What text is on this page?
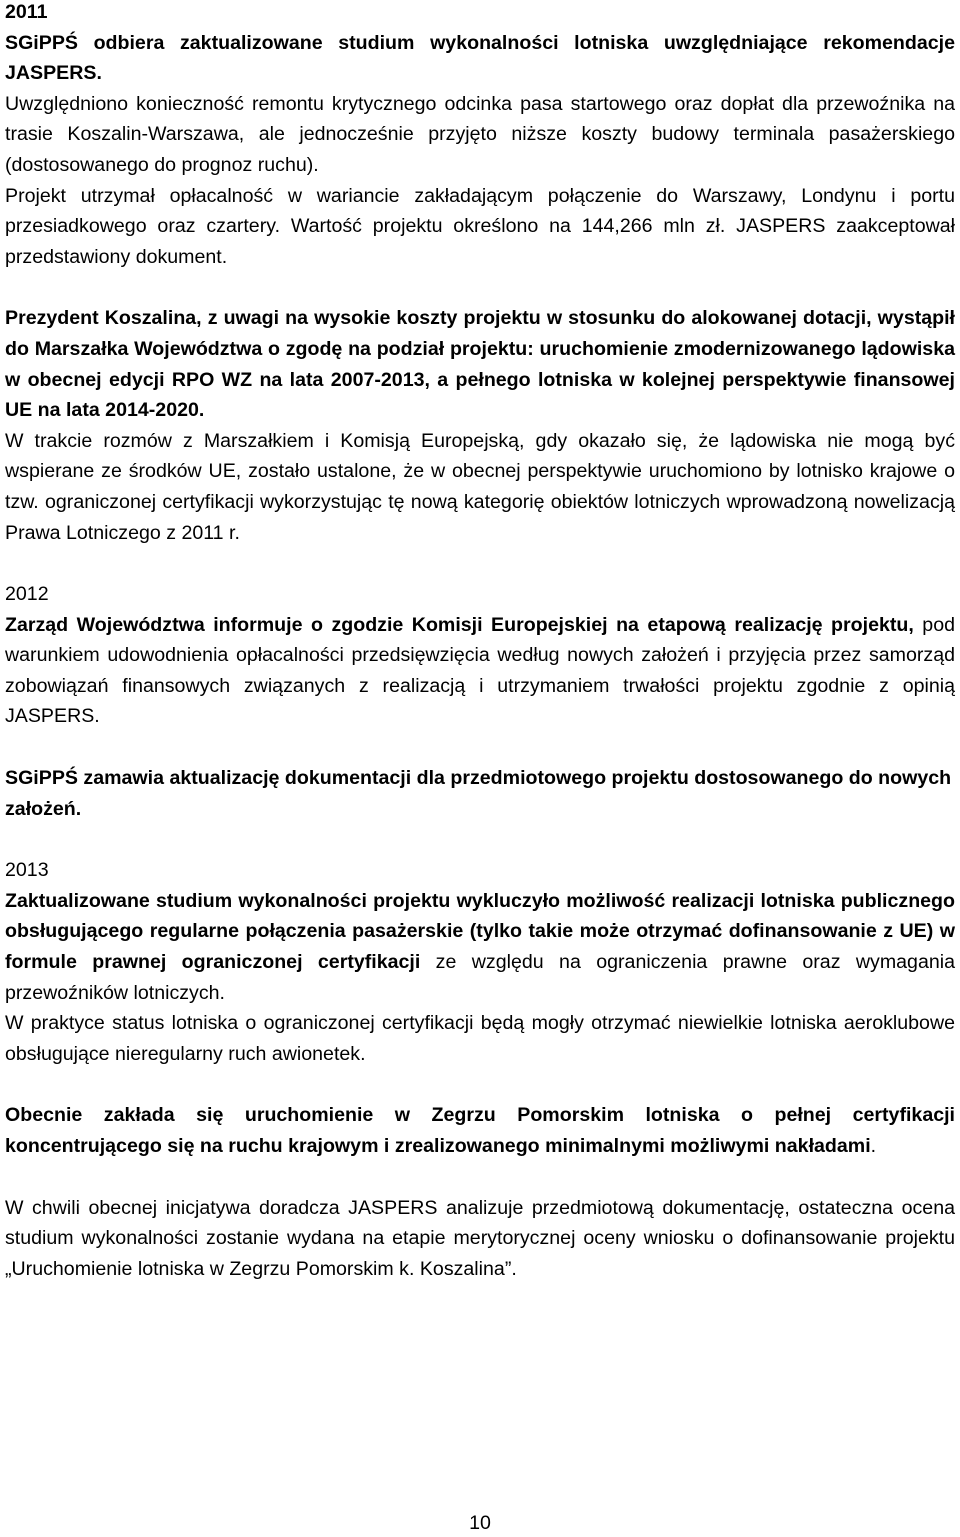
2011

SGiPPŚ odbiera zaktualizowane studium wykonalności lotniska uwzględniające rekomendacje JASPERS.

Uwzględniono konieczność remontu krytycznego odcinka pasa startowego oraz dopłat dla przewoźnika na trasie Koszalin-Warszawa, ale jednocześnie przyjęto niższe koszty budowy terminala pasażerskiego (dostosowanego do prognoz ruchu).

Projekt utrzymał opłacalność w wariancie zakładającym połączenie do Warszawy, Londynu i portu przesiadkowego oraz czartery. Wartość projektu określono na 144,266 mln zł. JASPERS zaakceptował przedstawiony dokument.

Prezydent Koszalina, z uwagi na wysokie koszty projektu w stosunku do alokowanej dotacji, wystąpił do Marszałka Województwa o zgodę na podział projektu: uruchomienie zmodernizowanego lądowiska w obecnej edycji RPO WZ na lata 2007-2013, a pełnego lotniska w kolejnej perspektywie finansowej UE na lata 2014-2020.

W trakcie rozmów z Marszałkiem i Komisją Europejską, gdy okazało się, że lądowiska nie mogą być wspierane ze środków UE, zostało ustalone, że w obecnej perspektywie uruchomiono by lotnisko krajowe o tzw. ograniczonej certyfikacji wykorzystując tę nową kategorię obiektów lotniczych wprowadzoną nowelizacją Prawa Lotniczego z 2011 r.

2012

Zarząd Województwa informuje o zgodzie Komisji Europejskiej na etapową realizację projektu, pod warunkiem udowodnienia opłacalności przedsięwzięcia według nowych założeń i przyjęcia przez samorząd zobowiązań finansowych związanych z realizacją i utrzymaniem trwałości projektu zgodnie z opinią JASPERS.

SGiPPŚ zamawia aktualizację dokumentacji dla przedmiotowego projektu dostosowanego do nowych założeń.

2013

Zaktualizowane studium wykonalności projektu wykluczyło możliwość realizacji lotniska publicznego obsługującego regularne połączenia pasażerskie (tylko takie może otrzymać dofinansowanie z UE) w formule prawnej ograniczonej certyfikacji ze względu na ograniczenia prawne oraz wymagania przewoźników lotniczych.

W praktyce status lotniska o ograniczonej certyfikacji będą mogły otrzymać niewielkie lotniska aeroklubowe obsługujące nieregularny ruch awionetek.

Obecnie zakłada się uruchomienie w Zegrzu Pomorskim lotniska o pełnej certyfikacji koncentrującego się na ruchu krajowym i zrealizowanego minimalnymi możliwymi nakładami.

W chwili obecnej inicjatywa doradcza JASPERS analizuje przedmiotową dokumentację, ostateczna ocena studium wykonalności zostanie wydana na etapie merytorycznej oceny wniosku o dofinansowanie projektu „Uruchomienie lotniska w Zegrzu Pomorskim k. Koszalina”.

10
